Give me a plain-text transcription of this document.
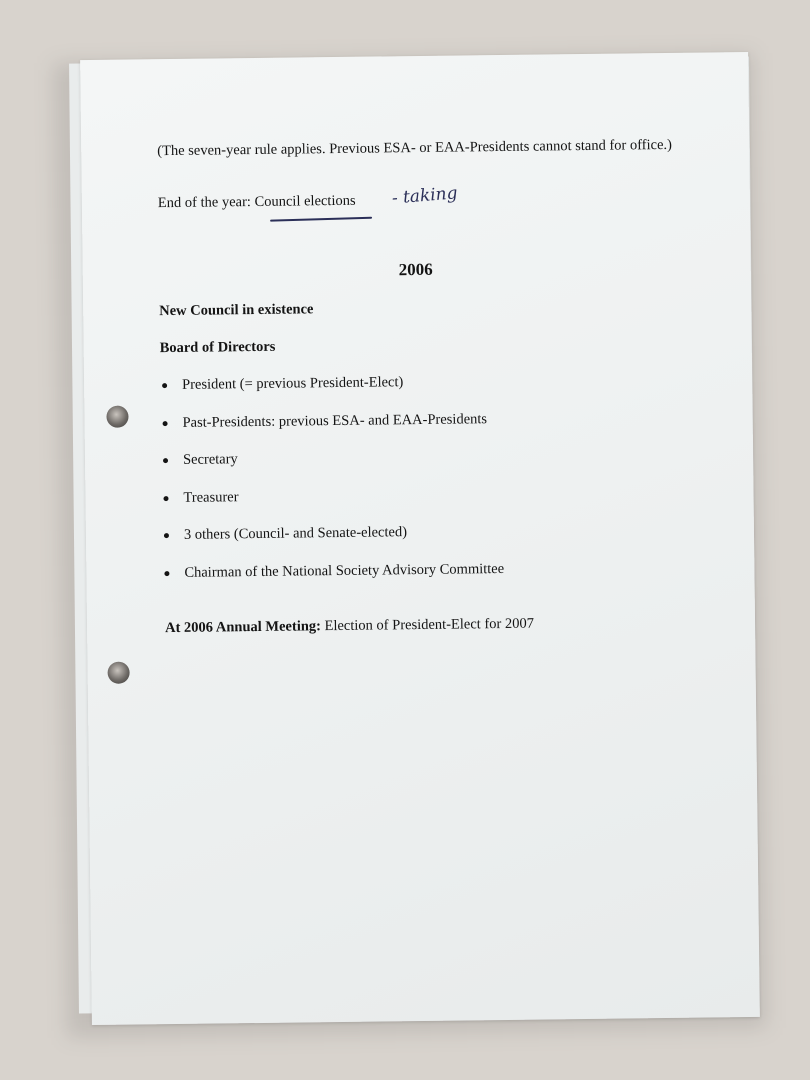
(The seven-year rule applies. Previous ESA- or EAA-Presidents cannot stand for office.)

End of the year: Council elections - taking

2006

New Council in existence

Board of Directors

President (= previous President-Elect)
Past-Presidents: previous ESA- and EAA-Presidents
Secretary
Treasurer
3 others (Council- and Senate-elected)
Chairman of the National Society Advisory Committee

At 2006 Annual Meeting: Election of President-Elect for 2007
